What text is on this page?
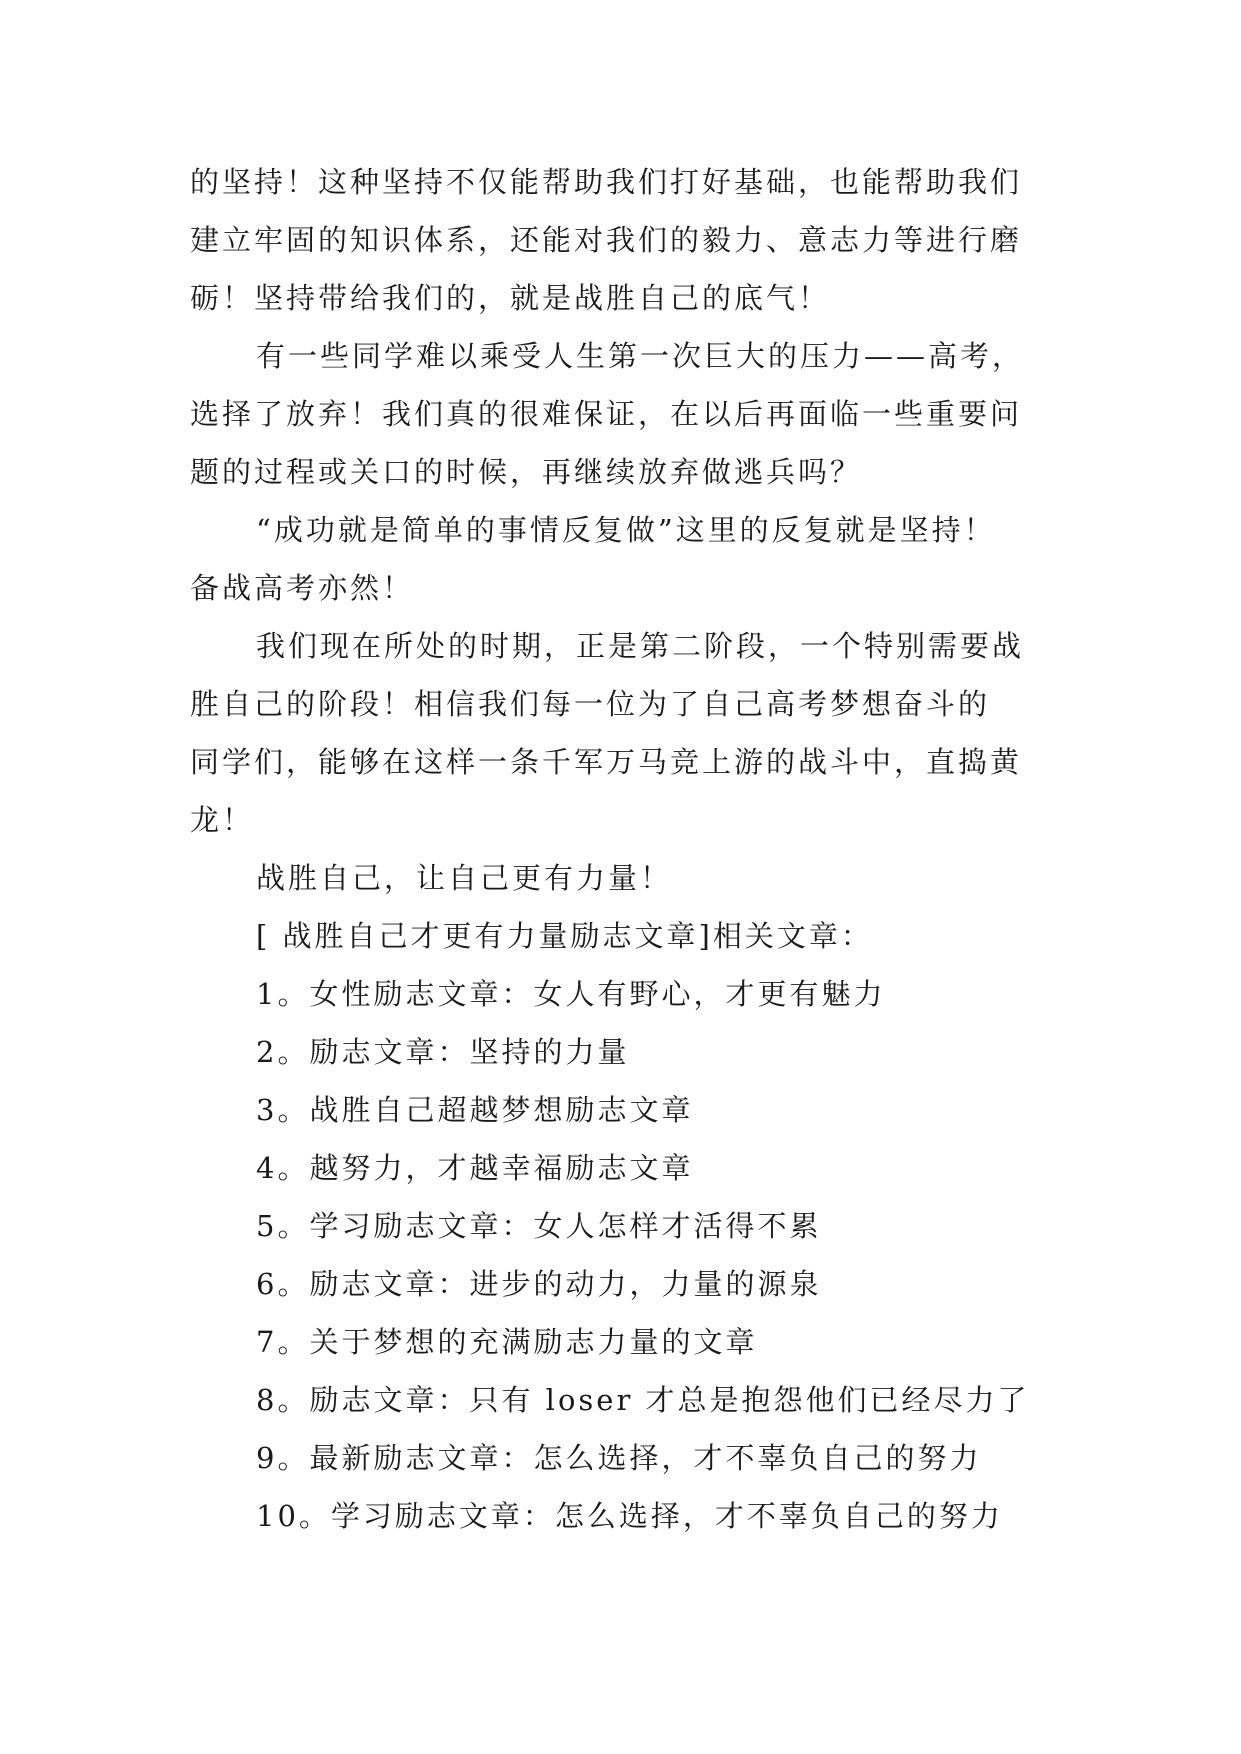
的坚持！这种坚持不仅能帮助我们打好基础，也能帮助我们
建立牢固的知识体系，还能对我们的毅力、意志力等进行磨
砺！坚持带给我们的，就是战胜自己的底气！
有一些同学难以乘受人生第一次巨大的压力——高考，
选择了放弃！我们真的很难保证，在以后再面临一些重要问
题的过程或关口的时候，再继续放弃做逃兵吗？
“成功就是简单的事情反复做”这里的反复就是坚持！
备战高考亦然！
我们现在所处的时期，正是第二阶段，一个特别需要战
胜自己的阶段！相信我们每一位为了自己高考梦想奋斗的
同学们，能够在这样一条千军万马竞上游的战斗中，直捣黄
龙！
战胜自己，让自己更有力量！
[ 战胜自己才更有力量励志文章]相关文章：
1。女性励志文章：女人有野心，才更有魅力
2。励志文章：坚持的力量
3。战胜自己超越梦想励志文章
4。越努力，才越幸福励志文章
5。学习励志文章：女人怎样才活得不累
6。励志文章：进步的动力，力量的源泉
7。关于梦想的充满励志力量的文章
8。励志文章：只有 loser 才总是抱怨他们已经尽力了
9。最新励志文章：怎么选择，才不辜负自己的努力
10。学习励志文章：怎么选择，才不辜负自己的努力
